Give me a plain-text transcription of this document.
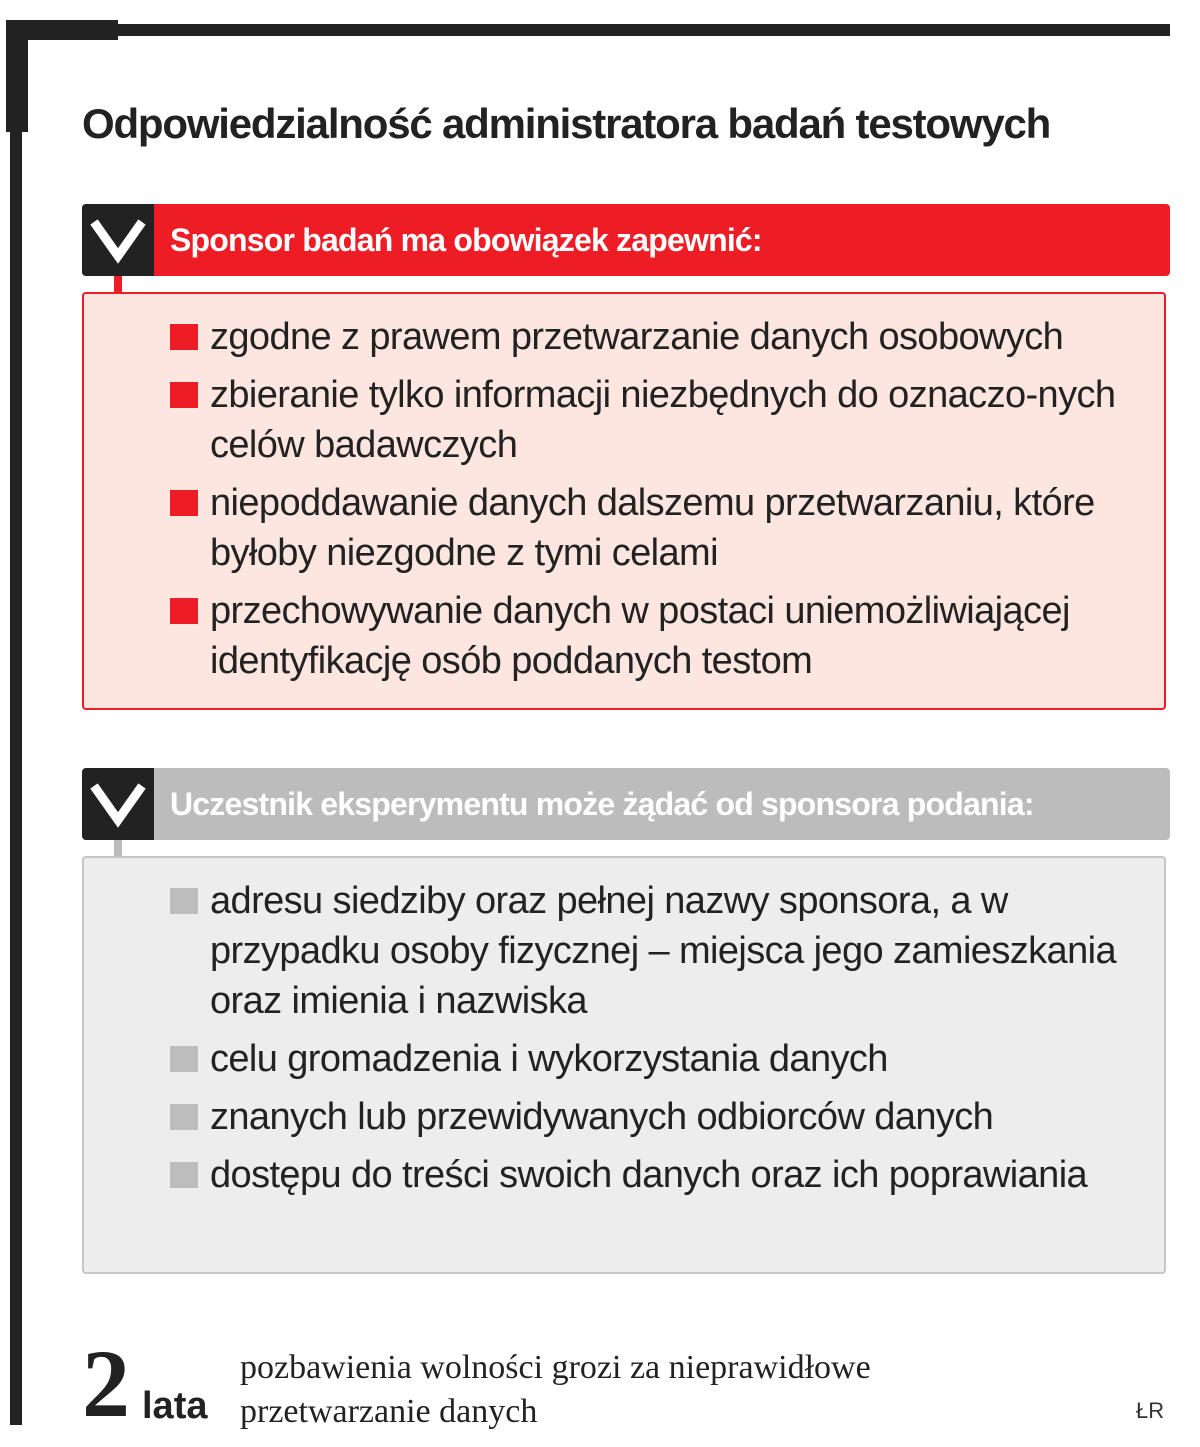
Odpowiedzialność administratora badań testowych
Sponsor badań ma obowiązek zapewnić:
zgodne z prawem przetwarzanie danych osobowych
zbieranie tylko informacji niezbędnych do oznaczo-nych celów badawczych
niepoddawanie danych dalszemu przetwarzaniu, które byłoby niezgodne z tymi celami
przechowywanie danych w postaci uniemożliwiającej identyfikację osób poddanych testom
Uczestnik eksperymentu może żądać od sponsora podania:
adresu siedziby oraz pełnej nazwy sponsora, a w przypadku osoby fizycznej – miejsca jego zamieszkania oraz imienia i nazwiska
celu gromadzenia i wykorzystania danych
znanych lub przewidywanych odbiorców danych
dostępu do treści swoich danych oraz ich poprawiania
2 lata
pozbawienia wolności grozi za nieprawidłowe przetwarzanie danych	ŁR
